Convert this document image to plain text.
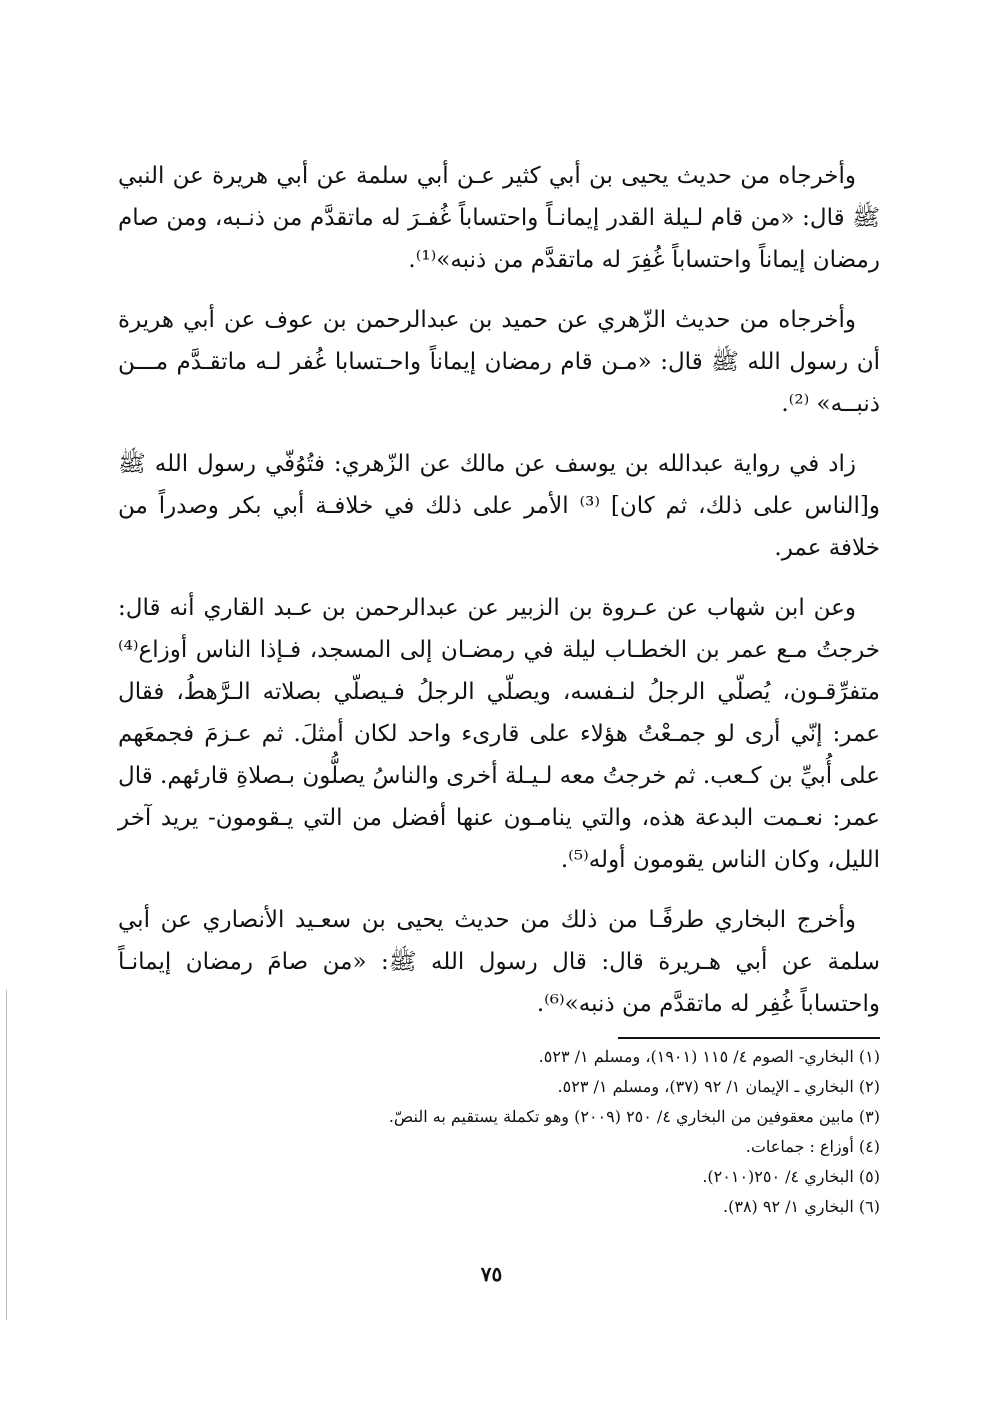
وأخرجاه من حديث يحيى بن أبي كثير عـن أبي سلمة عن أبي هريرة عن النبي ﷺ قال: «من قام لـيلة القدر إيمانـاً واحتساباً غُفـرَ له ماتقدَّم من ذنـبه، ومن صام رمضان إيماناً واحتساباً غُفِرَ له ماتقدَّم من ذنبه»⁽¹⁾.

وأخرجاه من حديث الزّهري عن حميد بن عبدالرحمن بن عوف عن أبي هريرة أن رسول الله ﷺ قال: «مـن قام رمضان إيماناً واحـتسابا غُفر لـه ماتقـدَّم مـــن ذنبــه» ⁽²⁾.

زاد في رواية عبدالله بن يوسف عن مالك عن الزّهري: فتُوُفّي رسول الله ﷺ و[الناس على ذلك، ثم كان] ⁽³⁾ الأمر على ذلك في خلافـة أبي بكر وصدراً من خلافة عمر.

وعن ابن شهاب عن عـروة بن الزبير عن عبدالرحمن بن عـبد القاري أنه قال: خرجتُ مـع عمر بن الخطـاب ليلة في رمضـان إلى المسجد، فـإذا الناس أوزاع⁽⁴⁾ متفرِّقـون، يُصلّي الرجلُ لنـفسه، ويصلّي الرجلُ فـيصلّي بصلاته الـرَّهطُ، فقال عمر: إنّي أرى لو جمـعْتُ هؤلاء على قارىء واحد لكان أمثلَ. ثم عـزمَ فجمعَهم على أُبيِّ بن كـعب. ثم خرجتُ معه لـيـلة أخرى والناسُ يصلُّون بـصلاةِ قارئهم. قال عمر: نعـمت البدعة هذه، والتي ينامـون عنها أفضل من التي يـقومون- يريد آخر الليل، وكان الناس يقومون أوله⁽⁵⁾.

وأخرج البخاري طرفًـا من ذلك من حديث يحيى بن سعـيد الأنصاري عن أبي سلمة عن أبي هـريرة قال: قال رسول الله ﷺ: «من صامَ رمضان إيمانـاً واحتساباً غُفِر له ماتقدَّم من ذنبه»⁽⁶⁾.

(١) البخاري- الصوم ٤/ ١١٥ (١٩٠١)، ومسلم ١/ ٥٢٣.
(٢) البخاري ـ الإيمان ١/ ٩٢ (٣٧)، ومسلم ١/ ٥٢٣.
(٣) مابين معقوفين من البخاري ٤/ ٢٥٠ (٢٠٠٩) وهو تكملة يستقيم به النصّ.
(٤) أوزاع : جماعات.
(٥) البخاري ٤/ ٢٥٠(٢٠١٠).
(٦) البخاري ١/ ٩٢ (٣٨).
٧٥
